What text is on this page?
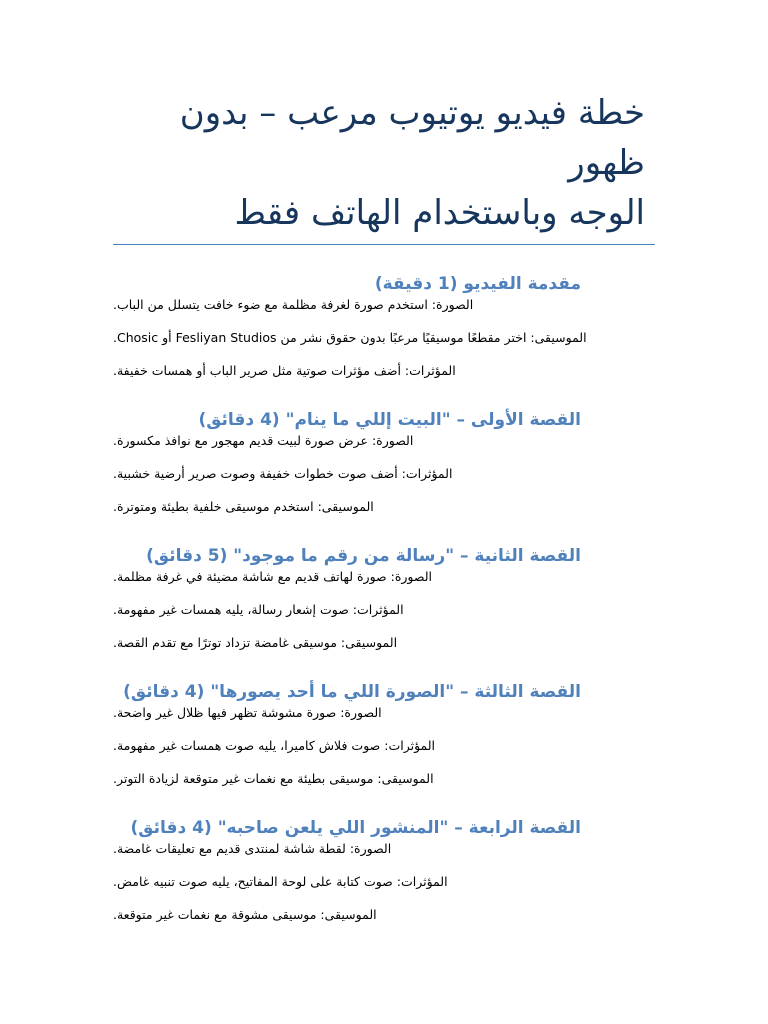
خطة فيديو يوتيوب مرعب – بدون ظهور
الوجه وباستخدام الهاتف فقط
مقدمة الفيديو (1 دقيقة)

الصورة: استخدم صورة لغرفة مظلمة مع ضوء خافت يتسلل من الباب.

الموسيقى: اختر مقطعًا موسيقيًا مرعبًا بدون حقوق نشر من Fesliyan Studios أو Chosic.

المؤثرات: أضف مؤثرات صوتية مثل صرير الباب أو همسات خفيفة.

القصة الأولى – "البيت إللي ما ينام" (4 دقائق)

الصورة: عرض صورة لبيت قديم مهجور مع نوافذ مكسورة.

المؤثرات: أضف صوت خطوات خفيفة وصوت صرير أرضية خشبية.

الموسيقى: استخدم موسيقى خلفية بطيئة ومتوترة.

القصة الثانية – "رسالة من رقم ما موجود" (5 دقائق)

الصورة: صورة لهاتف قديم مع شاشة مضيئة في غرفة مظلمة.

المؤثرات: صوت إشعار رسالة، يليه همسات غير مفهومة.

الموسيقى: موسيقى غامضة تزداد توترًا مع تقدم القصة.

القصة الثالثة – "الصورة اللي ما أحد يصورها" (4 دقائق)

الصورة: صورة مشوشة تظهر فيها ظلال غير واضحة.

المؤثرات: صوت فلاش كاميرا، يليه صوت همسات غير مفهومة.

الموسيقى: موسيقى بطيئة مع نغمات غير متوقعة لزيادة التوتر.

القصة الرابعة – "المنشور اللي يلعن صاحبه" (4 دقائق)

الصورة: لقطة شاشة لمنتدى قديم مع تعليقات غامضة.

المؤثرات: صوت كتابة على لوحة المفاتيح، يليه صوت تنبيه غامض.

الموسيقى: موسيقى مشوقة مع نغمات غير متوقعة.
